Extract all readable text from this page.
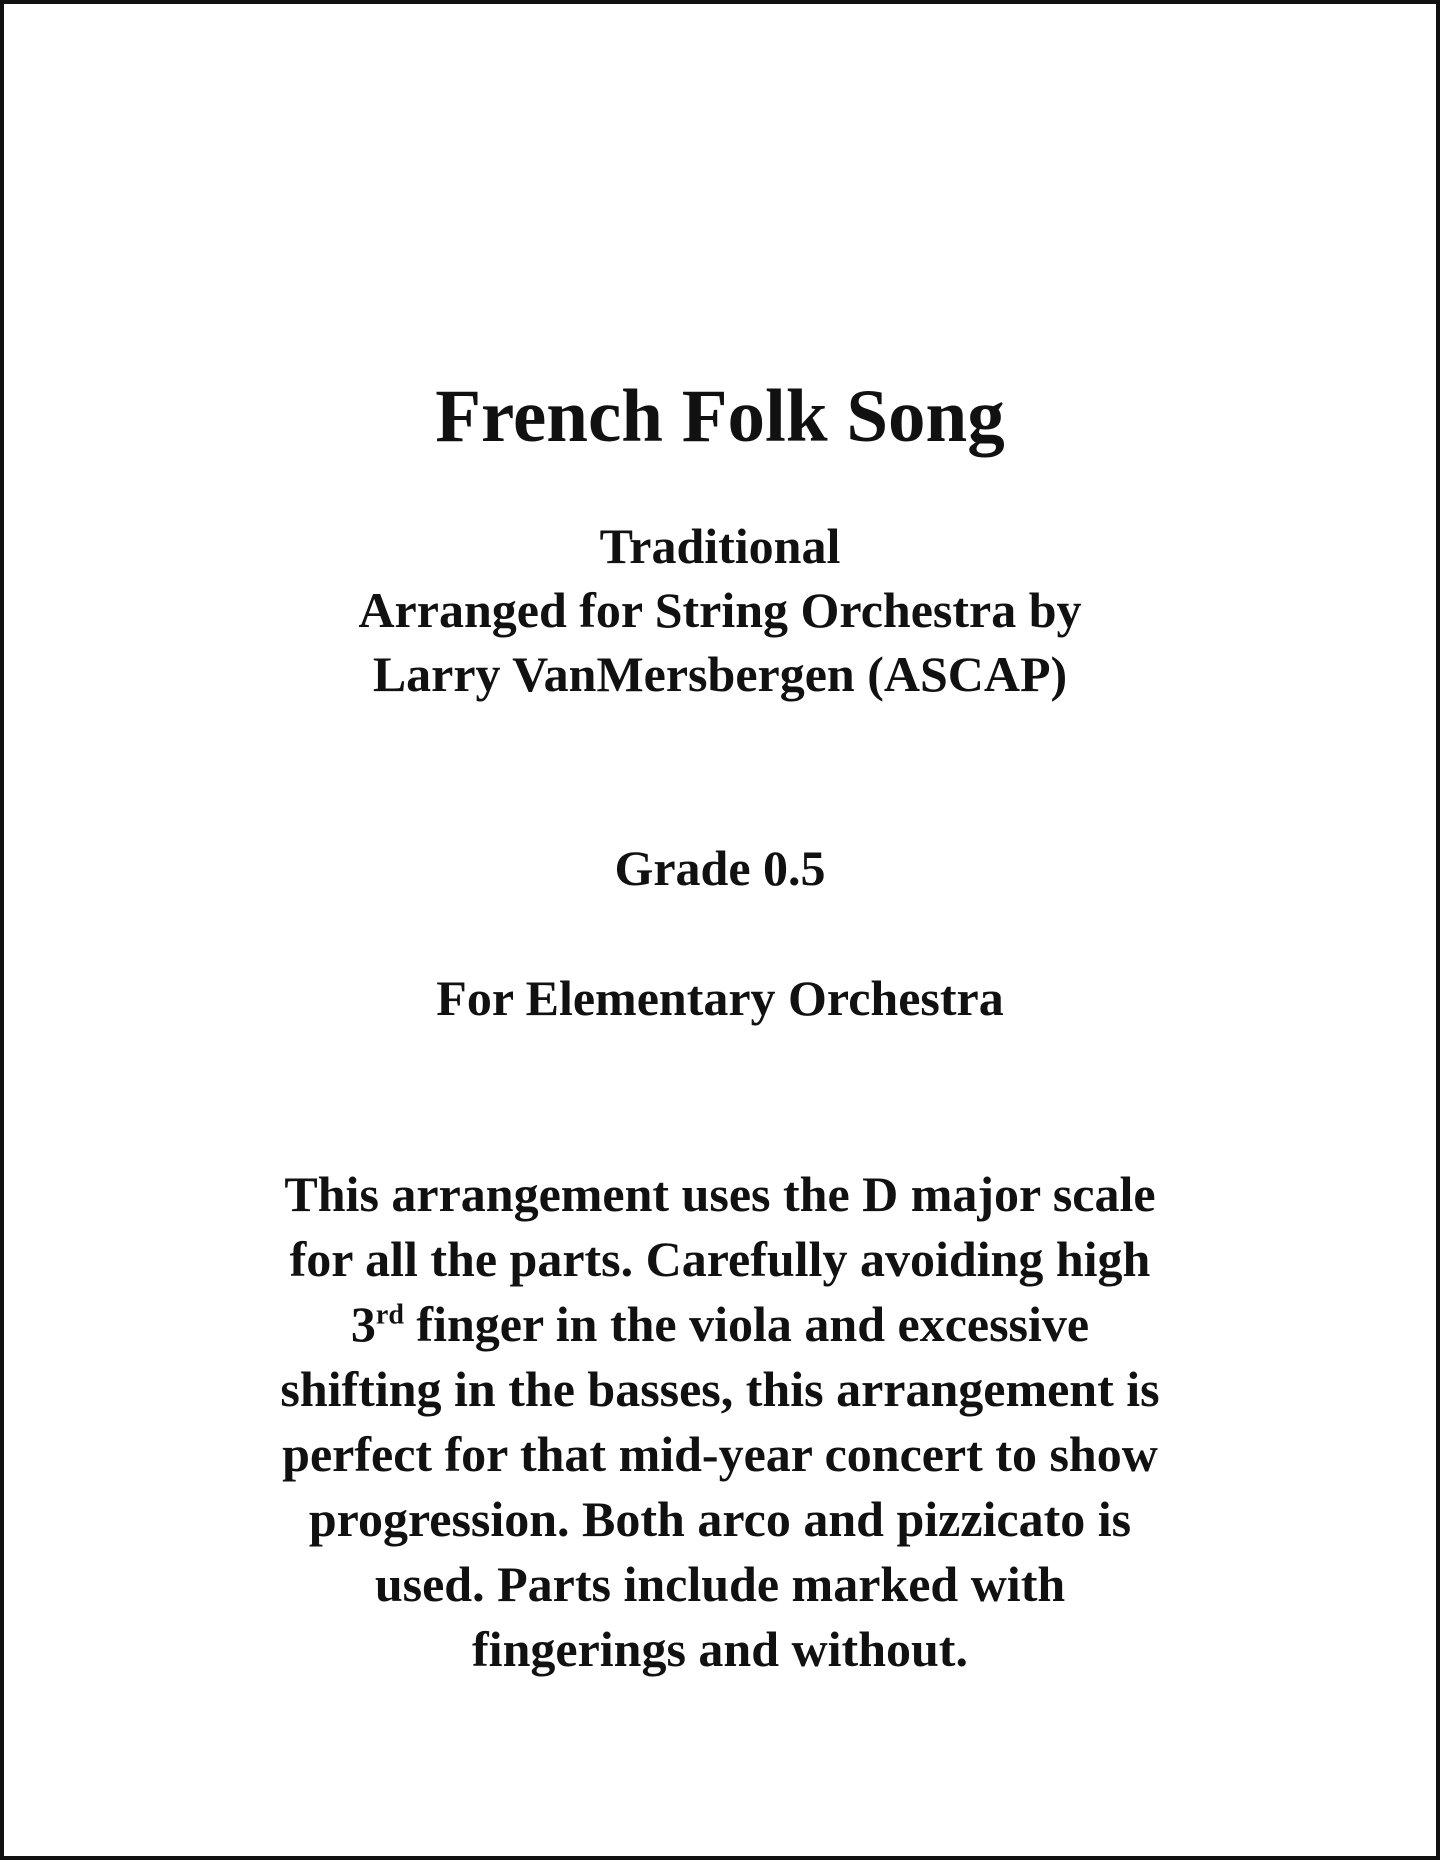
French Folk Song
Traditional
Arranged for String Orchestra by
Larry VanMersbergen (ASCAP)
Grade 0.5
For Elementary Orchestra
This arrangement uses the D major scale
for all the parts. Carefully avoiding high
3rd finger in the viola and excessive
shifting in the basses, this arrangement is
perfect for that mid-year concert to show
progression. Both arco and pizzicato is
used. Parts include marked with
fingerings and without.
